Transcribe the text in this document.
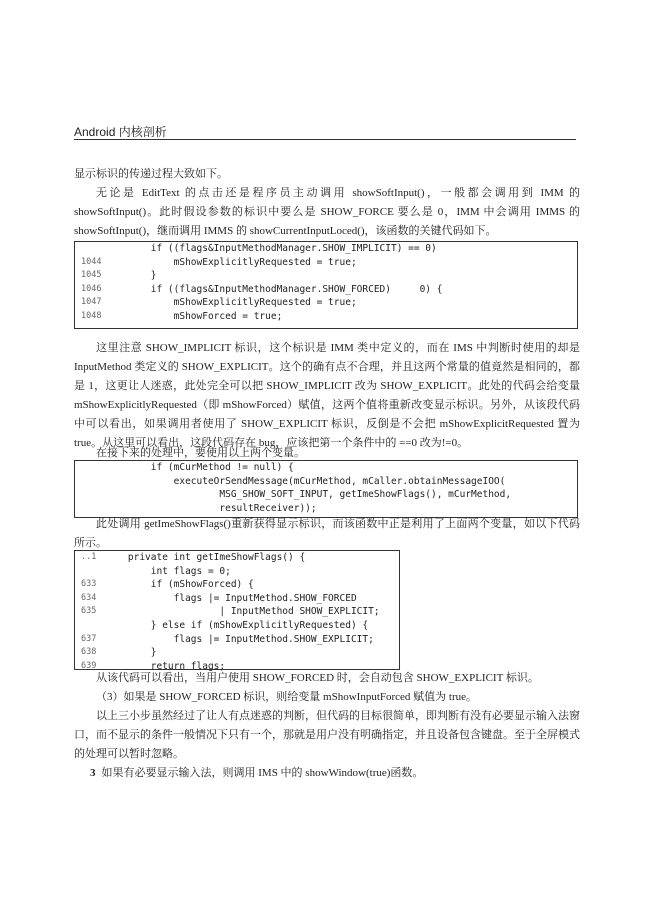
Android 内核剖析
显示标识的传递过程大致如下。
无论是 EditText 的点击还是程序员主动调用 showSoftInput()，一般都会调用到 IMM 的 showSoftInput()。此时假设参数的标识中要么是 SHOW_FORCE 要么是 0，IMM 中会调用 IMMS 的 showSoftInput()，继而调用 IMMS 的 showCurrentInputLoced()，该函数的关键代码如下。
if ((flags&InputMethodManager.SHOW_IMPLICIT) == 0)
1044 mShowExplicitlyRequested = true;
1045 }
1046 if ((flags&InputMethodManager.SHOW_FORCED)     0) {
1047 mShowExplicitlyRequested = true;
1048 mShowForced = true;
这里注意 SHOW_IMPLICIT 标识，这个标识是 IMM 类中定义的，而在 IMS 中判断时使用的却是 InputMethod 类定义的 SHOW_EXPLICIT。这个的确有点不合理，并且这两个常量的值竟然是相同的，都是 1，这更让人迷惑，此处完全可以把 SHOW_IMPLICIT 改为 SHOW_EXPLICIT。此处的代码会给变量 mShowExplicitlyRequested（即 mShowForced）赋值，这两个值将重新改变显示标识。另外，从该段代码中可以看出，如果调用者使用了 SHOW_EXPLICIT 标识，反倒是不会把 mShowExplicitRequested 置为 true。从这里可以看出，这段代码存在 bug，应该把第一个条件中的 ==0 改为!=0。
在接下来的处理中，要使用以上两个变量。
if (mCurMethod != null) {
executeOrSendMessage(mCurMethod, mCaller.obtainMessageIOO(
MSG_SHOW_SOFT_INPUT, getImeShowFlags(), mCurMethod,
resultReceiver));
此处调用 getImeShowFlags()重新获得显示标识，而该函数中正是利用了上面两个变量，如以下代码所示。
..1 private int getImeShowFlags() {
int flags = 0;
633 if (mShowForced) {
634 flags |= InputMethod.SHOW_FORCED
635 | InputMethod SHOW_EXPLICIT;
} else if (mShowExplicitlyRequested) {
637 flags |= InputMethod.SHOW_EXPLICIT;
638 }
639 return flags;
从该代码可以看出，当用户使用 SHOW_FORCED 时，会自动包含 SHOW_EXPLICIT 标识。
（3）如果是 SHOW_FORCED 标识，则给变量 mShowInputForced 赋值为 true。
以上三小步虽然经过了让人有点迷惑的判断，但代码的目标很简单，即判断有没有必要显示输入法窗口，而不显示的条件一般情况下只有一个，那就是用户没有明确指定，并且设备包含键盘。至于全屏模式的处理可以暂时忽略。
3 如果有必要显示输入法，则调用 IMS 中的 showWindow(true)函数。
